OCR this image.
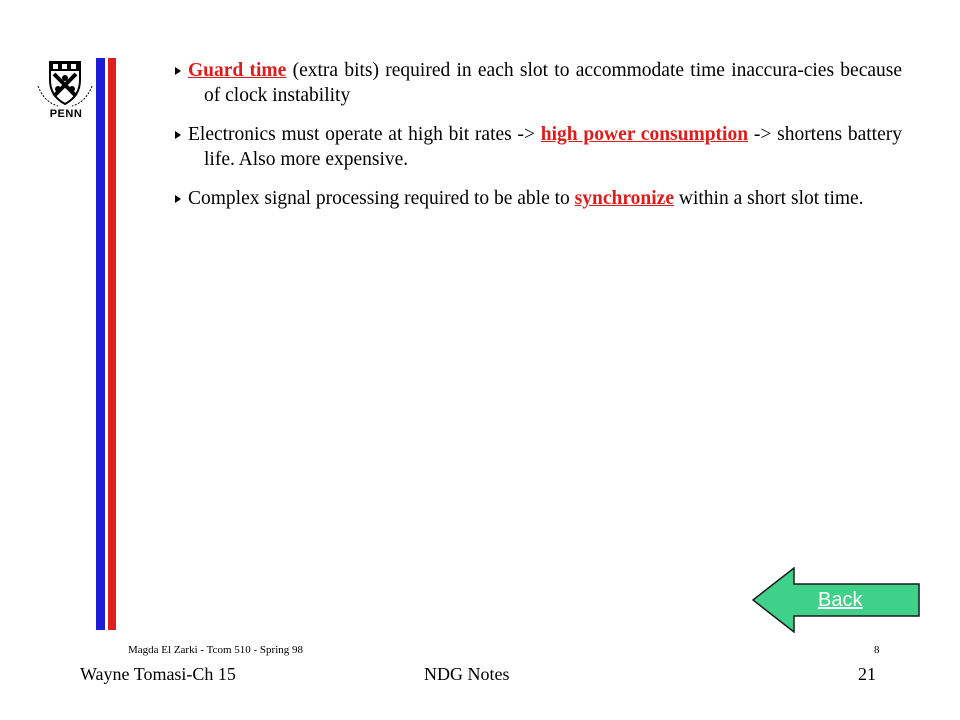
PENN
Guard time (extra bits) required in each slot to accommodate time inaccura-cies because of clock instability
Electronics must operate at high bit rates -> high power consumption -> shortens battery life. Also more expensive.
Complex signal processing required to be able to synchronize within a short slot time.
Back
Magda El Zarki - Tcom 510 - Spring 98	8
Wayne Tomasi-Ch 15	NDG Notes	21
